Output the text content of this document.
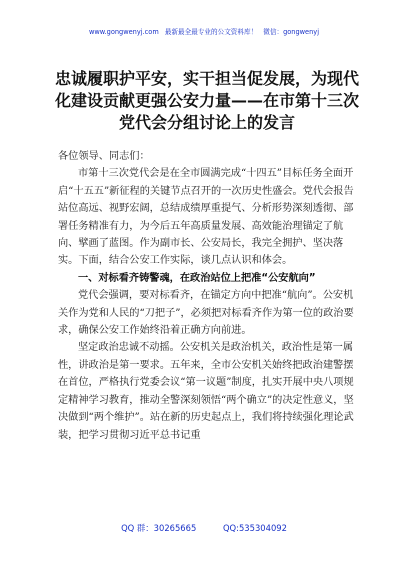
www.gongwenyj.com 最新最全最专业的公文资料库！ 微信：gongwenyj
忠诚履职护平安，实干担当促发展，为现代化建设贡献更强公安力量——在市第十三次党代会分组讨论上的发言

各位领导、同志们：

市第十三次党代会是在全市圆满完成“十四五”目标任务全面开启“十五五”新征程的关键节点召开的一次历史性盛会。党代会报告站位高远、视野宏阔，总结成绩厚重提气、分析形势深刻透彻、部署任务精准有力，为今后五年高质量发展、高效能治理锚定了航向、擘画了蓝图。作为副市长、公安局长，我完全拥护、坚决落实。下面，结合公安工作实际，谈几点认识和体会。

一、对标看齐铸警魂，在政治站位上把准“公安航向”

党代会强调，要对标看齐，在锚定方向中把准“航向”。公安机关作为党和人民的“刀把子”，必须把对标看齐作为第一位的政治要求，确保公安工作始终沿着正确方向前进。

坚定政治忠诚不动摇。公安机关是政治机关，政治性是第一属性，讲政治是第一要求。五年来，全市公安机关始终把政治建警摆在首位，严格执行党委会议“第一议题”制度，扎实开展中央八项规定精神学习教育，推动全警深刻领悟“两个确立”的决定性意义，坚决做到“两个维护”。站在新的历史起点上，我们将持续强化理论武装，把学习贯彻习近平总书记重

QQ 群：30265665	QQ:535304092
